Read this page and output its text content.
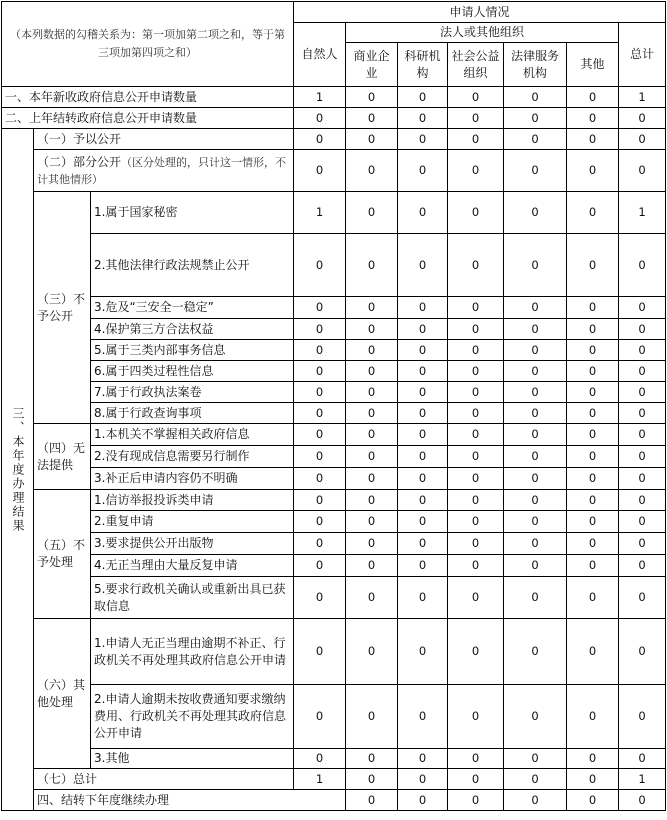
（本列数据的勾稽关系为：第一项加第二项之和，等于第三项加第四项之和）			申请人情况							
			自然人	法人或其他组织					总计	
				商业企业	科研机构	社会公益组织	法律服务机构	其他		
一、本年新收政府信息公开申请数量			1	0	0	0	0	0	1	
二、上年结转政府信息公开申请数量			0	0	0	0	0	0	0	
三、本年度办理结果	（一）予以公开		0	0	0	0	0	0	0	
	（二）部分公开（区分处理的，只计这一情形，不计其他情形）		0	0	0	0	0	0	0	
	（三）不予公开	1.属于国家秘密	1	0	0	0	0	0	1	
		2.其他法律行政法规禁止公开	0	0	0	0	0	0	0	
		3.危及“三安全一稳定”	0	0	0	0	0	0	0	
		4.保护第三方合法权益	0	0	0	0	0	0	0	
		5.属于三类内部事务信息	0	0	0	0	0	0	0	
		6.属于四类过程性信息	0	0	0	0	0	0	0	
		7.属于行政执法案卷	0	0	0	0	0	0	0	
		8.属于行政查询事项	0	0	0	0	0	0	0	
	（四）无法提供	1.本机关不掌握相关政府信息	0	0	0	0	0	0	0	
		2.没有现成信息需要另行制作	0	0	0	0	0	0	0	
		3.补正后申请内容仍不明确	0	0	0	0	0	0	0	
	（五）不予处理	1.信访举报投诉类申请	0	0	0	0	0	0	0	
		2.重复申请	0	0	0	0	0	0	0	
		3.要求提供公开出版物	0	0	0	0	0	0	0	
		4.无正当理由大量反复申请	0	0	0	0	0	0	0	
		5.要求行政机关确认或重新出具已获取信息	0	0	0	0	0	0	0	
	（六）其他处理	1.申请人无正当理由逾期不补正、行政机关不再处理其政府信息公开申请	0	0	0	0	0	0	0	
		2.申请人逾期未按收费通知要求缴纳费用、行政机关不再处理其政府信息公开申请	0	0	0	0	0	0	0	
		3.其他	0	0	0	0	0	0	0	
	（七）总计		1	0	0	0	0	0	1	
	四、结转下年度继续办理			0	0	0	0	0	0	
